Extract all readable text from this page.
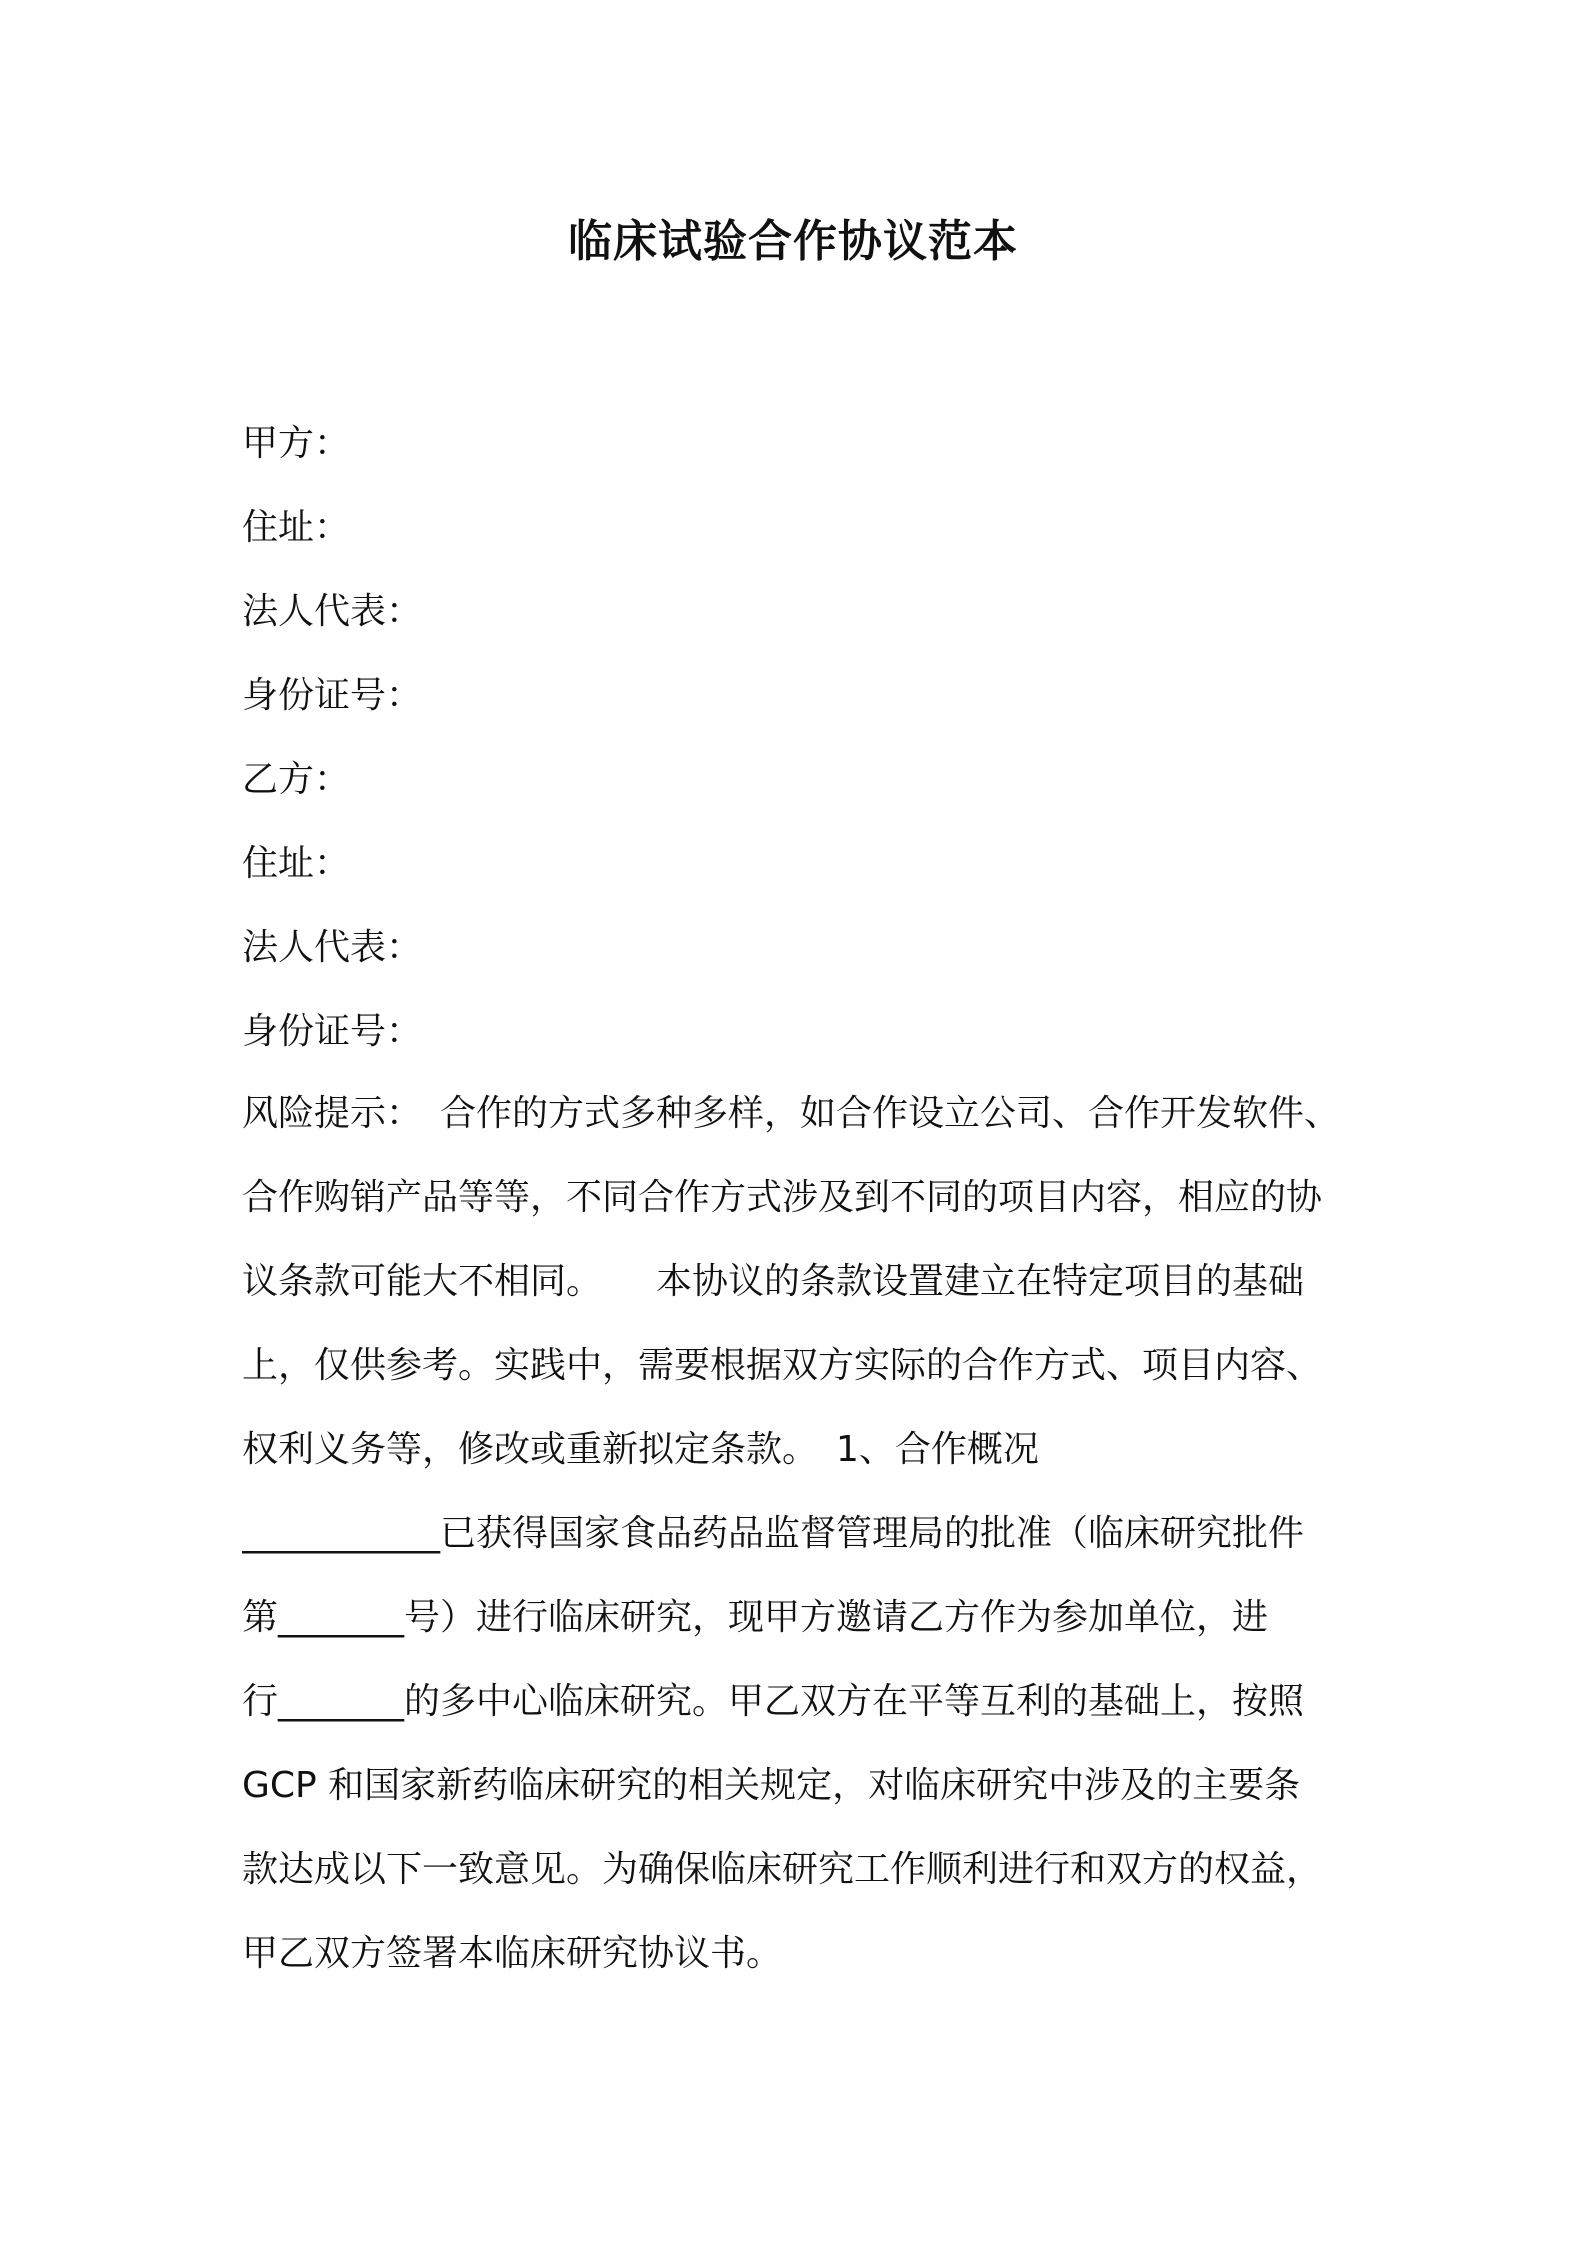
临床试验合作协议范本
甲方：
住址：
法人代表：
身份证号：
乙方：
住址：
法人代表：
身份证号：
风险提示：　合作的方式多种多样，如合作设立公司、合作开发软件、
合作购销产品等等，不同合作方式涉及到不同的项目内容，相应的协
议条款可能大不相同。　　本协议的条款设置建立在特定项目的基础
上，仅供参考。实践中，需要根据双方实际的合作方式、项目内容、
权利义务等，修改或重新拟定条款。　1、合作概况
___________已获得国家食品药品监督管理局的批准（临床研究批件
第_______号）进行临床研究，现甲方邀请乙方作为参加单位，进
行_______的多中心临床研究。甲乙双方在平等互利的基础上，按照
GCP 和国家新药临床研究的相关规定，对临床研究中涉及的主要条
款达成以下一致意见。为确保临床研究工作顺利进行和双方的权益，
甲乙双方签署本临床研究协议书。
